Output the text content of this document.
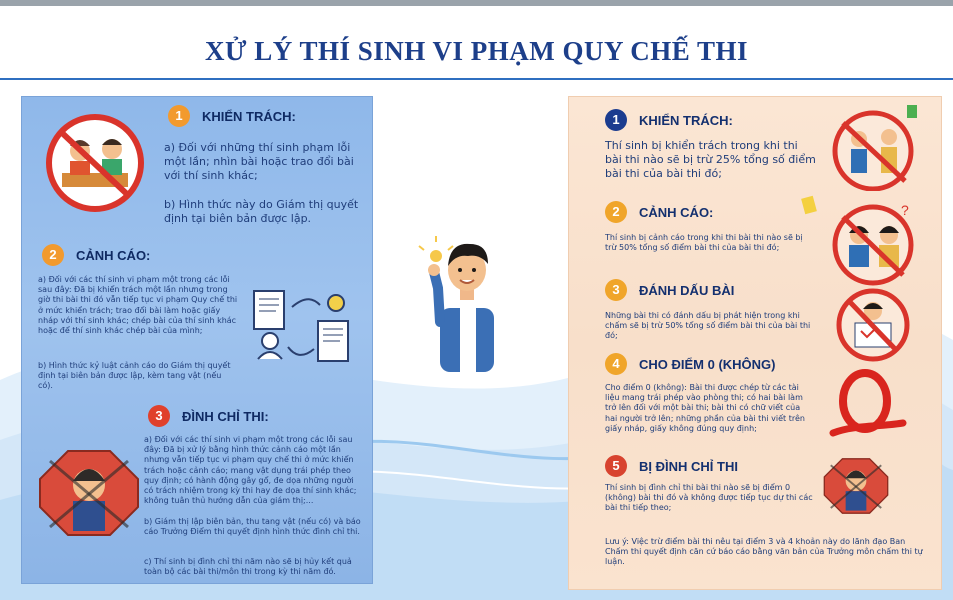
XỬ LÝ THÍ SINH VI PHẠM QUY CHẾ THI
1	KHIỂN TRÁCH:
a) Đối với những thí sinh phạm lỗi một lần; nhìn bài hoặc trao đổi bài với thí sinh khác;
b) Hình thức này do Giám thị quyết định tại biên bản được lập.
2	CẢNH CÁO:
a) Đối với các thí sinh vi phạm một trong các lỗi sau đây: Đã bị khiển trách một lần nhưng trong giờ thi bài thi đó vẫn tiếp tục vi phạm Quy chế thi ở mức khiển trách; trao đổi bài làm hoặc giấy nháp với thí sinh khác; chép bài của thí sinh khác hoặc để thí sinh khác chép bài của mình;
b) Hình thức kỷ luật cảnh cáo do Giám thị quyết định tại biên bản được lập, kèm tang vật (nếu có).
3	ĐÌNH CHỈ THI:
a) Đối với các thí sinh vi phạm một trong các lỗi sau đây: Đã bị xử lý bằng hình thức cảnh cáo một lần nhưng vẫn tiếp tục vi phạm quy chế thi ở mức khiển trách hoặc cảnh cáo; mang vật dụng trái phép theo quy định; có hành động gây gổ, đe dọa những người có trách nhiệm trong kỳ thi hay đe dọa thí sinh khác; không tuân thủ hướng dẫn của giám thị;...
b) Giám thị lập biên bản, thu tang vật (nếu có) và báo cáo Trưởng Điểm thi quyết định hình thức đình chỉ thi.
c) Thí sinh bị đình chỉ thi năm nào sẽ bị hủy kết quả toàn bộ các bài thi/môn thi trong kỳ thi năm đó.
1	KHIỂN TRÁCH:
Thí sinh bị khiển trách trong khi thi bài thi nào sẽ bị trừ 25% tổng số điểm bài thi của bài thi đó;
2	CẢNH CÁO:
Thí sinh bị cảnh cáo trong khi thi bài thi nào sẽ bị trừ 50% tổng số điểm bài thi của bài thi đó;
?
3	ĐÁNH DẤU BÀI
Những bài thi có đánh dấu bị phát hiện trong khi chấm sẽ bị trừ 50% tổng số điểm bài thi của bài thi đó;
4	CHO ĐIỂM 0 (KHÔNG)
Cho điểm 0 (không): Bài thi được chép từ các tài liệu mang trái phép vào phòng thi; có hai bài làm trở lên đối với một bài thi; bài thi có chữ viết của hai người trở lên; những phần của bài thi viết trên giấy nháp, giấy không đúng quy định;
5	BỊ ĐÌNH CHỈ THI
Thí sinh bị đình chỉ thi bài thi nào sẽ bị điểm 0 (không) bài thi đó và không được tiếp tục dự thi các bài thi tiếp theo;
Lưu ý: Việc trừ điểm bài thi nêu tại điểm 3 và 4 khoản này do lãnh đạo Ban Chấm thi quyết định căn cứ báo cáo bằng văn bản của Trưởng môn chấm thi tự luận.
